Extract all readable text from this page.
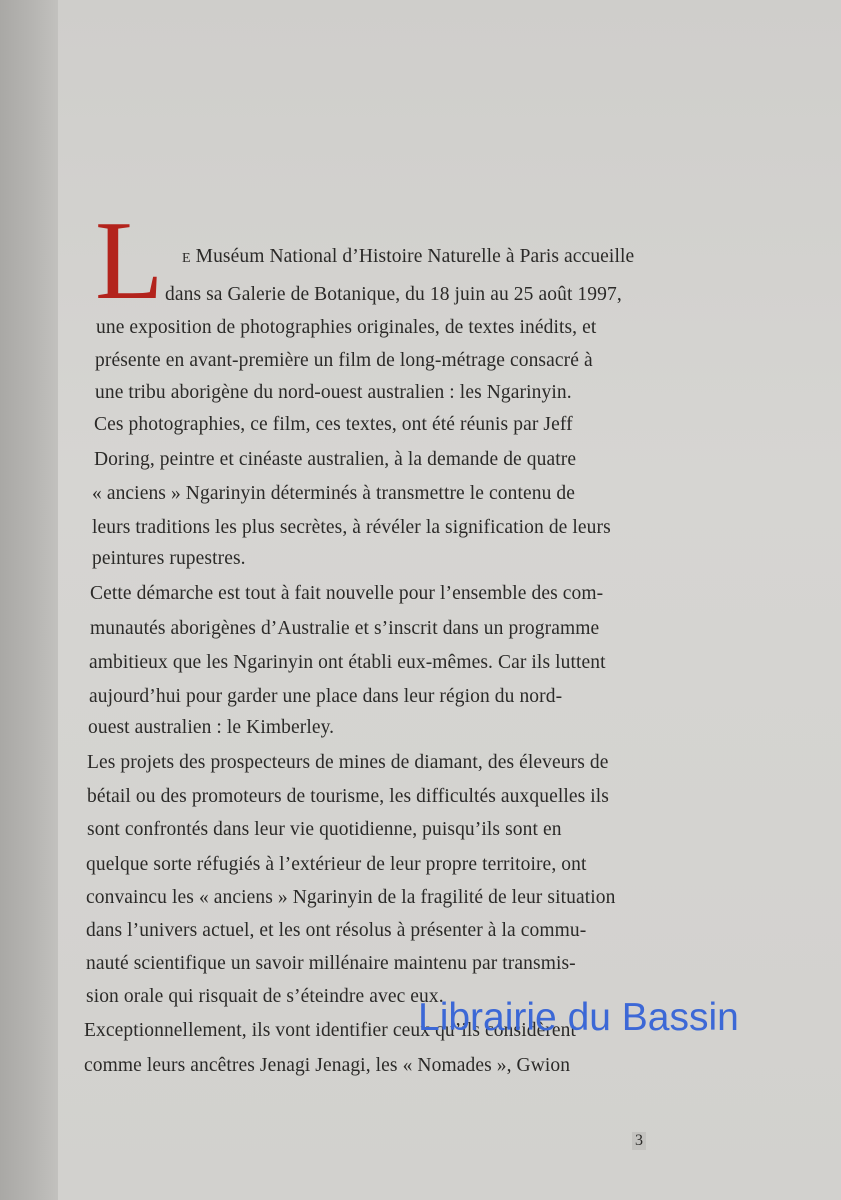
L E Muséum National d’Histoire Naturelle à Paris accueille
dans sa Galerie de Botanique, du 18 juin au 25 août 1997,
une exposition de photographies originales, de textes inédits, et
présente en avant-première un film de long-métrage consacré à
une tribu aborigène du nord-ouest australien : les Ngarinyin.
Ces photographies, ce film, ces textes, ont été réunis par Jeff
Doring, peintre et cinéaste australien, à la demande de quatre
« anciens » Ngarinyin déterminés à transmettre le contenu de
leurs traditions les plus secrètes, à révéler la signification de leurs
peintures rupestres.
Cette démarche est tout à fait nouvelle pour l’ensemble des com-
munautés aborigènes d’Australie et s’inscrit dans un programme
ambitieux que les Ngarinyin ont établi eux-mêmes. Car ils luttent
aujourd’hui pour garder une place dans leur région du nord-
ouest australien : le Kimberley.
Les projets des prospecteurs de mines de diamant, des éleveurs de
bétail ou des promoteurs de tourisme, les difficultés auxquelles ils
sont confrontés dans leur vie quotidienne, puisqu’ils sont en
quelque sorte réfugiés à l’extérieur de leur propre territoire, ont
convaincu les « anciens » Ngarinyin de la fragilité de leur situation
dans l’univers actuel, et les ont résolus à présenter à la commu-
nauté scientifique un savoir millénaire maintenu par transmis-
sion orale qui risquait de s’éteindre avec eux.
Exceptionnellement, ils vont identifier ceux qu’ils considèrent
comme leurs ancêtres Jenagi Jenagi, les « Nomades », Gwion
Librairie du Bassin
3
